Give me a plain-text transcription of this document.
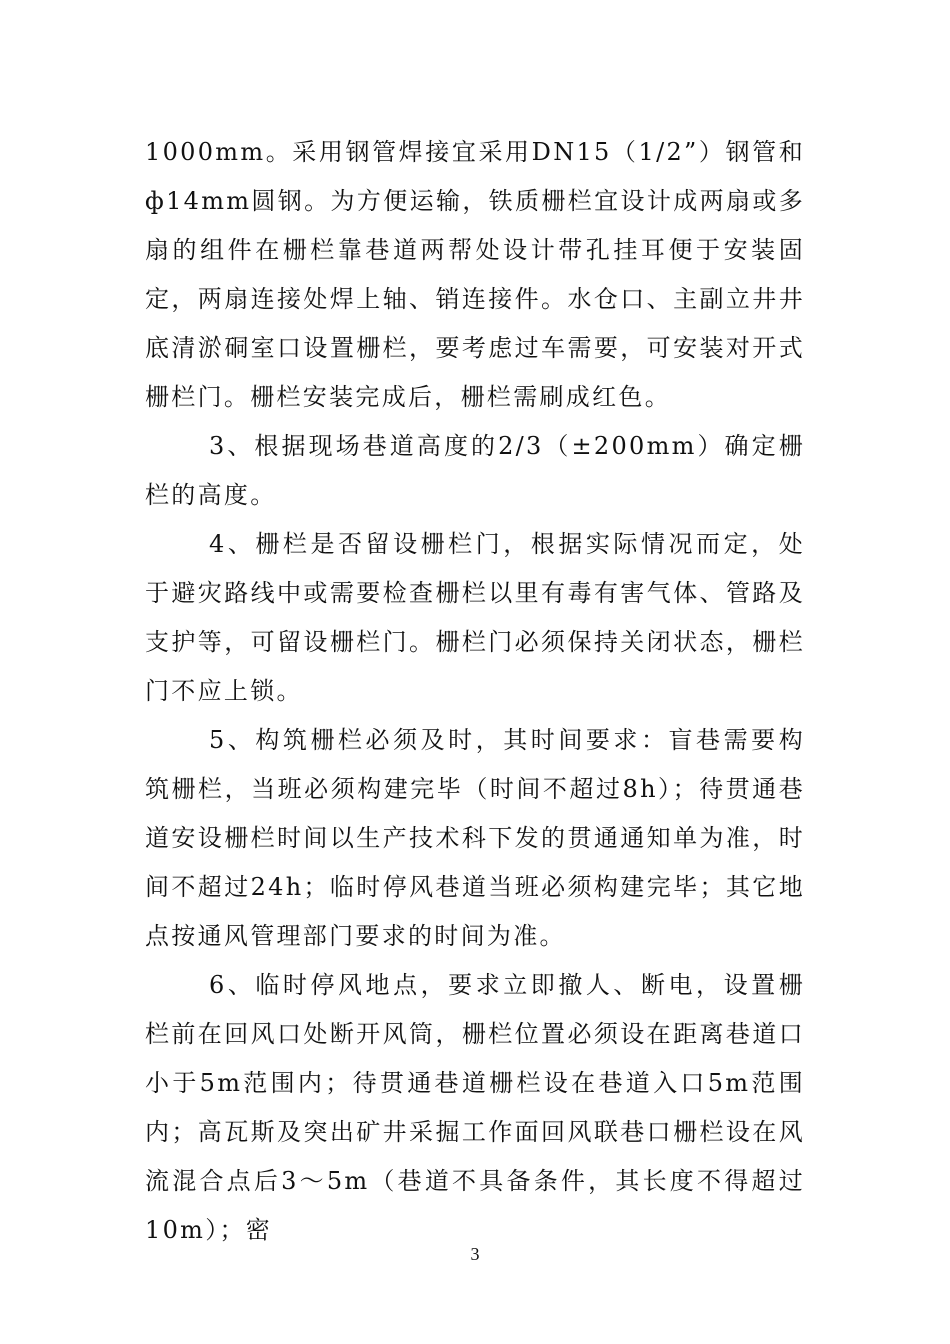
1000mm。采用钢管焊接宜采用DN15（1/2”）钢管和ф14mm圆钢。为方便运输，铁质栅栏宜设计成两扇或多扇的组件在栅栏靠巷道两帮处设计带孔挂耳便于安装固定，两扇连接处焊上轴、销连接件。水仓口、主副立井井底清淤硐室口设置栅栏，要考虑过车需要，可安装对开式栅栏门。栅栏安装完成后，栅栏需刷成红色。

3、根据现场巷道高度的2/3（±200mm）确定栅栏的高度。

4、栅栏是否留设栅栏门，根据实际情况而定，处于避灾路线中或需要检查栅栏以里有毒有害气体、管路及支护等，可留设栅栏门。栅栏门必须保持关闭状态，栅栏门不应上锁。

5、构筑栅栏必须及时，其时间要求：盲巷需要构筑栅栏，当班必须构建完毕（时间不超过8h）；待贯通巷道安设栅栏时间以生产技术科下发的贯通通知单为准，时间不超过24h；临时停风巷道当班必须构建完毕；其它地点按通风管理部门要求的时间为准。

6、临时停风地点，要求立即撤人、断电，设置栅栏前在回风口处断开风筒，栅栏位置必须设在距离巷道口小于5m范围内；待贯通巷道栅栏设在巷道入口5m范围内；高瓦斯及突出矿井采掘工作面回风联巷口栅栏设在风流混合点后3～5m（巷道不具备条件，其长度不得超过10m）；密

3
